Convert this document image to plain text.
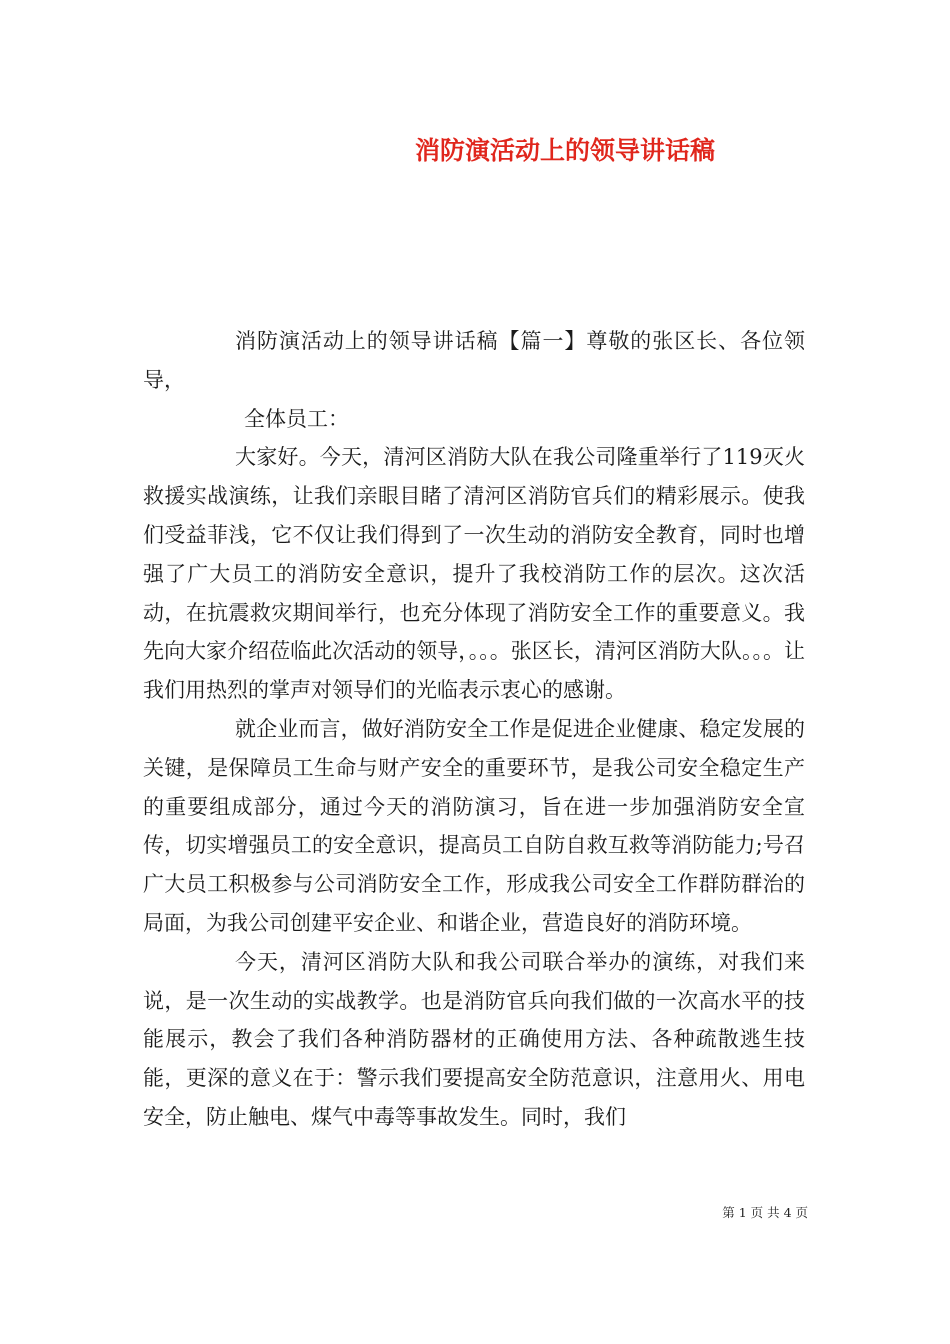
消防演活动上的领导讲话稿

消防演活动上的领导讲话稿【篇一】尊敬的张区长、各位领导，

全体员工：

大家好。今天，清河区消防大队在我公司隆重举行了119灭火救援实战演练，让我们亲眼目睹了清河区消防官兵们的精彩展示。使我们受益菲浅，它不仅让我们得到了一次生动的消防安全教育，同时也增强了广大员工的消防安全意识，提升了我校消防工作的层次。这次活动，在抗震救灾期间举行，也充分体现了消防安全工作的重要意义。我先向大家介绍莅临此次活动的领导，。。。张区长，清河区消防大队。。。让我们用热烈的掌声对领导们的光临表示衷心的感谢。

就企业而言，做好消防安全工作是促进企业健康、稳定发展的关键，是保障员工生命与财产安全的重要环节，是我公司安全稳定生产的重要组成部分，通过今天的消防演习，旨在进一步加强消防安全宣传，切实增强员工的安全意识，提高员工自防自救互救等消防能力;号召广大员工积极参与公司消防安全工作，形成我公司安全工作群防群治的局面，为我公司创建平安企业、和谐企业，营造良好的消防环境。

今天，清河区消防大队和我公司联合举办的演练，对我们来说，是一次生动的实战教学。也是消防官兵向我们做的一次高水平的技能展示，教会了我们各种消防器材的正确使用方法、各种疏散逃生技能，更深的意义在于：警示我们要提高安全防范意识，注意用火、用电安全，防止触电、煤气中毒等事故发生。同时，我们

第 1 页 共 4 页
